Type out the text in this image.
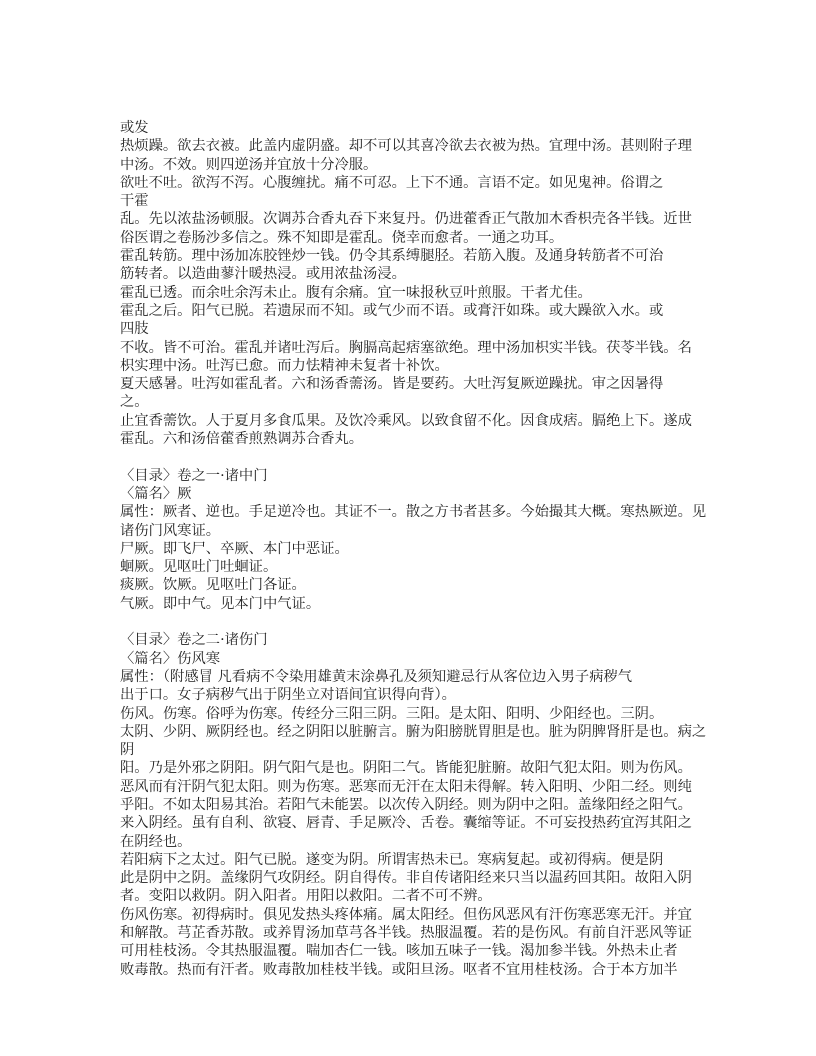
或发
热烦躁。欲去衣被。此盖内虚阴盛。却不可以其喜冷欲去衣被为热。宜理中汤。甚则附子理
中汤。不效。则四逆汤并宜放十分冷服。
欲吐不吐。欲泻不泻。心腹缠扰。痛不可忍。上下不通。言语不定。如见鬼神。俗谓之
干霍
乱。先以浓盐汤顿服。次调苏合香丸吞下来复丹。仍进藿香正气散加木香枳壳各半钱。近世
俗医谓之卷肠沙多信之。殊不知即是霍乱。侥幸而愈者。一通之功耳。
霍乱转筋。理中汤加冻胶锉炒一钱。仍令其系缚腿胫。若筋入腹。及通身转筋者不可治
筋转者。以造曲蓼汁暖热浸。或用浓盐汤浸。
霍乱已透。而余吐余泻未止。腹有余痛。宜一味报秋豆叶煎服。干者尤佳。
霍乱之后。阳气已脱。若遗尿而不知。或气少而不语。或膏汗如珠。或大躁欲入水。或
四肢
不收。皆不可治。霍乱并诸吐泻后。胸膈高起痞塞欲绝。理中汤加枳实半钱。茯苓半钱。名
枳实理中汤。吐泻已愈。而力怯精神未复者十补饮。
夏天感暑。吐泻如霍乱者。六和汤香薷汤。皆是要药。大吐泻复厥逆躁扰。审之因暑得
之。
止宜香薷饮。人于夏月多食瓜果。及饮冷乘风。以致食留不化。因食成痞。膈绝上下。遂成
霍乱。六和汤倍藿香煎熟调苏合香丸。
〈目录〉卷之一·诸中门
〈篇名〉厥
属性：厥者、逆也。手足逆冷也。其证不一。散之方书者甚多。今始撮其大概。寒热厥逆。见
诸伤门风寒证。
尸厥。即飞尸、卒厥、本门中恶证。
蛔厥。见呕吐门吐蛔证。
痰厥。饮厥。见呕吐门各证。
气厥。即中气。见本门中气证。
〈目录〉卷之二·诸伤门
〈篇名〉伤风寒
属性：（附感冒 凡看病不令染用雄黄末涂鼻孔及须知避忌行从客位边入男子病秽气
出于口。女子病秽气出于阴坐立对语间宜识得向背）。
伤风。伤寒。俗呼为伤寒。传经分三阳三阴。三阳。是太阳、阳明、少阳经也。三阴。
太阴、少阴、厥阴经也。经之阴阳以脏腑言。腑为阳膀胱胃胆是也。脏为阴脾肾肝是也。病之
阴
阳。乃是外邪之阴阳。阴气阳气是也。阴阳二气。皆能犯脏腑。故阳气犯太阳。则为伤风。
恶风而有汗阴气犯太阳。则为伤寒。恶寒而无汗在太阳未得解。转入阳明、少阳二经。则纯
乎阳。不如太阳易其治。若阳气未能罢。以次传入阴经。则为阴中之阳。盖缘阳经之阳气。
来入阴经。虽有自利、欲寝、唇青、手足厥冷、舌卷。囊缩等证。不可妄投热药宜泻其阳之
在阴经也。
若阳病下之太过。阳气已脱。遂变为阴。所谓害热未已。寒病复起。或初得病。便是阴
此是阴中之阴。盖缘阴气攻阴经。阴自得传。非自传诸阳经来只当以温药回其阳。故阳入阴
者。变阳以救阴。阴入阳者。用阳以救阳。二者不可不辨。
伤风伤寒。初得病时。俱见发热头疼体痛。属太阳经。但伤风恶风有汗伤寒恶寒无汗。并宜
和解散。芎芷香苏散。或养胃汤加草芎各半钱。热服温覆。若的是伤风。有前自汗恶风等证
可用桂枝汤。令其热服温覆。喘加杏仁一钱。咳加五味子一钱。渴加参半钱。外热未止者
败毒散。热而有汗者。败毒散加桂枝半钱。或阳旦汤。呕者不宜用桂枝汤。合于本方加半
